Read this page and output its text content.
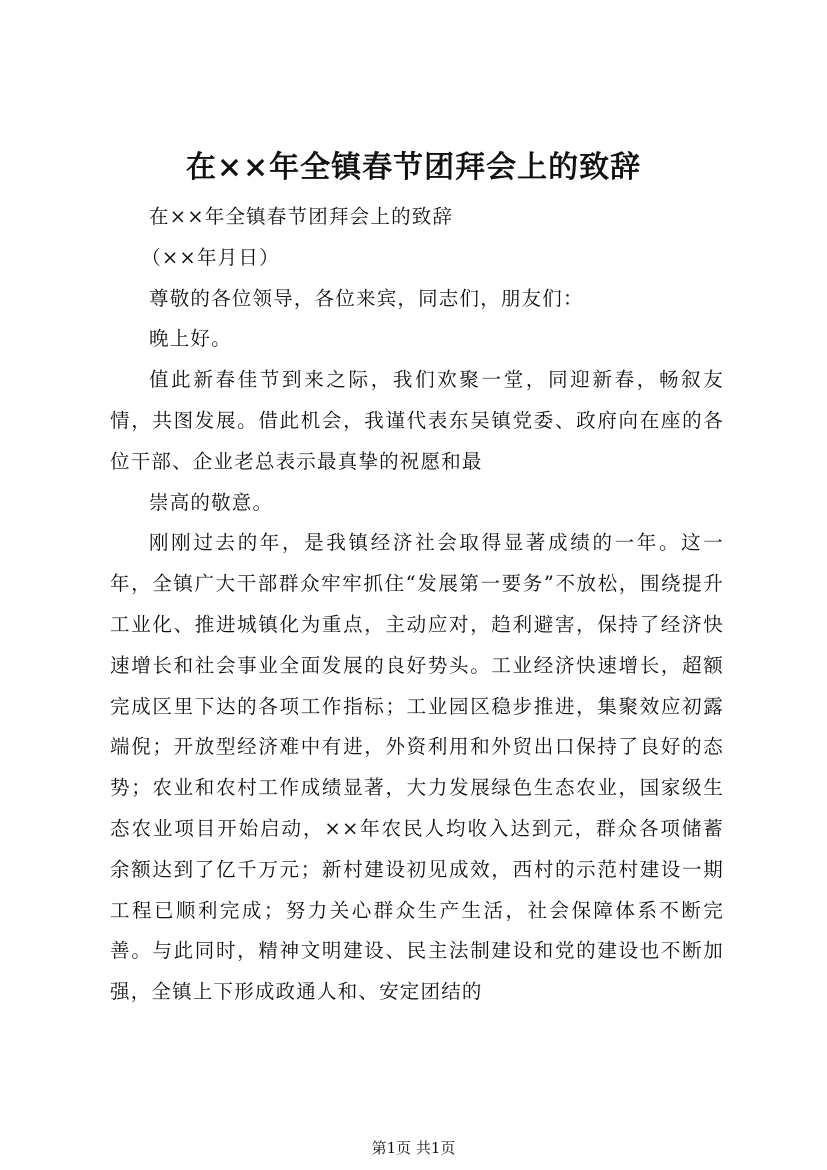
在××年全镇春节团拜会上的致辞

在××年全镇春节团拜会上的致辞

（××年月日）

尊敬的各位领导，各位来宾，同志们，朋友们：

晚上好。

值此新春佳节到来之际，我们欢聚一堂，同迎新春，畅叙友情，共图发展。借此机会，我谨代表东吴镇党委、政府向在座的各位干部、企业老总表示最真挚的祝愿和最

崇高的敬意。

刚刚过去的年，是我镇经济社会取得显著成绩的一年。这一年，全镇广大干部群众牢牢抓住“发展第一要务”不放松，围绕提升工业化、推进城镇化为重点，主动应对，趋利避害，保持了经济快速增长和社会事业全面发展的良好势头。工业经济快速增长，超额完成区里下达的各项工作指标；工业园区稳步推进，集聚效应初露端倪；开放型经济难中有进，外资利用和外贸出口保持了良好的态势；农业和农村工作成绩显著，大力发展绿色生态农业，国家级生态农业项目开始启动，××年农民人均收入达到元，群众各项储蓄余额达到了亿千万元；新村建设初见成效，西村的示范村建设一期工程已顺利完成；努力关心群众生产生活，社会保障体系不断完善。与此同时，精神文明建设、民主法制建设和党的建设也不断加强，全镇上下形成政通人和、安定团结的

第1页 共1页
